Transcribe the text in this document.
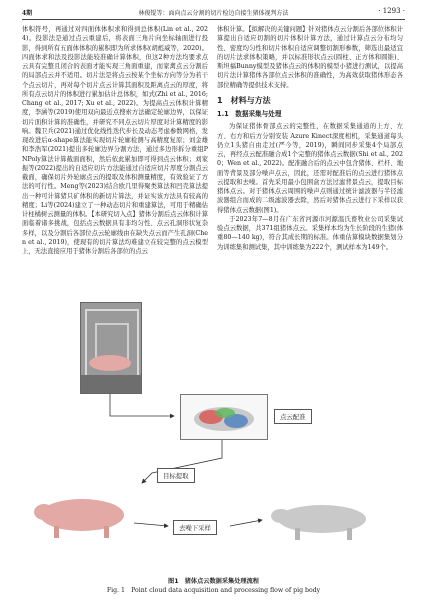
4期	林俊锟等：面向点云分割的切片检边自接生猪体视判方法	· 1293 ·

体积符号，再通过对四面体体积求和得到总体积(Lin et al., 2024)。投影法是通过点云重建后，将表面三角片向坐标轴面进行投影，得到所有五面体体积的累积即为所求体积(胡彪威等，2020)。四面体求和法及投影法能较准确计算体积，但这2种方法均要求点云具有完整且闭合的表面才能实现三角面重建，而家禽点云分割后的局部点云并不适用。切片法是将点云按某个坐标方向等分为若干个点云切片，再对每个切片点云计算其面积及距离点云的厚度，将所有点云切片的体积进行累加估计总体积，如式(Zhi et al., 2016; Chang et al., 2017; Xu et al., 2022)。为提高点云体积计算精度，李涵等(2019)使用双向最近点搜索方法确定轮廓边界，以保证切片面积计算的准确性，并研究不同点云切片厚度对计算精度的影响。魏卫兵(2021)通过优化线性迭代步长及动态考虑参数网格，发现改进后α-shape算法能实现切片轮廓检测与高精度复原；刘金雄和李浩军(2021)提出多轮廓边界分割方法，通过多边形拆分重组PNPoly算法计算截面面积，然后依此累加即可得到点云体积；刘家振等(2022)提出的自适应切片方法能通过自适应切片厚度分割点云截面，确保切片外轮廓点云的提取及体积测量精度，有效验证了方法的可行性。Meng等(2023)结合欧几里得聚类算法和凹壳算法提出一种可计算猪只矿体积的新切片算法，并证实该方法具有较高的精度；Li等(2024)建立了一种动态切片和重建算法，可用于精确估计柱橘树云测量的体积。【本研究切入点】猪体分割后点云体积计算面临着诸多挑战，包括点云数据具有非均匀性、点云孔洞形状复杂多样，以及分割后各部位点云轮廓线由在缺失点云而产生孔洞(Chen et al., 2019)，使现有的切片算法均难建立在较完整的点云模型上，无法直接应用于猪体分割后各部位的点云

体积计算。【拟解决的关键问题】针对猪体点云分割后各部位体积计算提出自适应切割的切片体积计算方法，通过计算点云分布均匀性、密度均匀性和切片体积自适应调整切割形参数，筛选出最适宜的切片法求体积策略，并以标准形状点云(圆柱、正方体和圆锥)、斯坦福Bunny模型及猪体点云的体积的模型小猪进行测试，以提高切片法计算猪体各部位点云体积的准确性，为高效获取猪体形态各部位精确等提供技术支持。

1　材料与方法
1.1　数据采集与处理

为保证猪体骨部点云的完整性，在数据采集通道的上方、左方、右方和后方分别安装 Azure Kinect深度相机，采集通道每头仍立1头猪自由走过(严今等，2019)，瞬间同步采集4个局部点云，再经点云配准融合成1个完整的猪体点云数据(Shi et al., 2020；Wen et al., 2022)。配准融合后的点云中包含猪体、栏杆、地面等背景及部分噪声点云，因此，还需对配准后的点云进行猪体点云提取和去噪。首先采用最小包围盒方法过滤背景点云，提取目标猪体点云。对于猪体点云周围的噪声点则通过统计滤波器与半径滤波器组合而成的二级滤波器去除，然后对猪体点云进行下采样以获得猪体点云数据(图1)。

于2023年7—8月在广东省河源市河源温氏畜牧业公司采集试验点云数据，共371组猪体点云。采集样本均为生长阶段的生猪(体重80—140 kg)，符合其成长期的标准。体重估算模块数据集划分为训练集和测试集，其中训练集为222个，测试样本为149个。

点云配准
目标提取
去噪下采样
图1　猪体点云数据采集处理流程
Fig. 1　Point cloud data acquisition and processing flow of pig body
